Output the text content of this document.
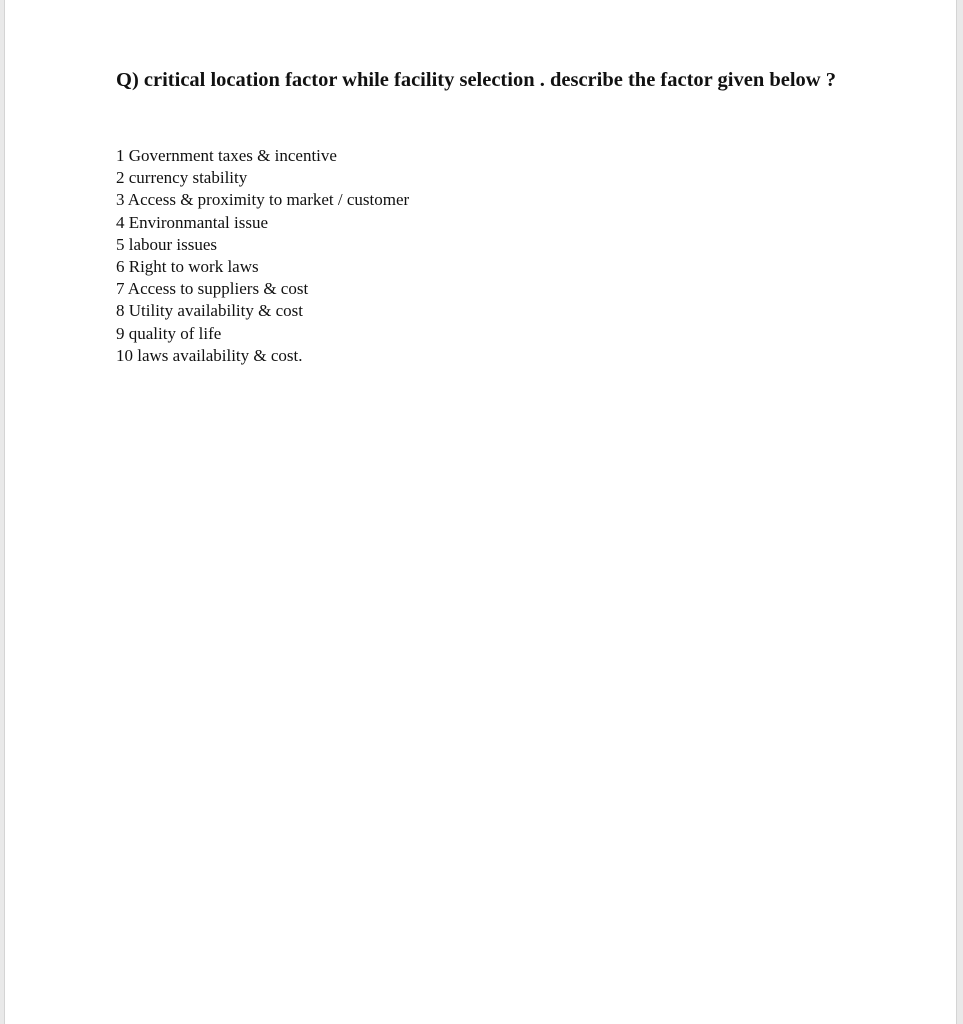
Q) critical location factor while facility selection . describe the factor given below ?

1 Government taxes & incentive
2 currency stability
3 Access & proximity to market / customer
4 Environmantal issue
5 labour issues
6 Right to work laws
7 Access to suppliers & cost
8 Utility availability & cost
9 quality of life
10 laws availability & cost.
